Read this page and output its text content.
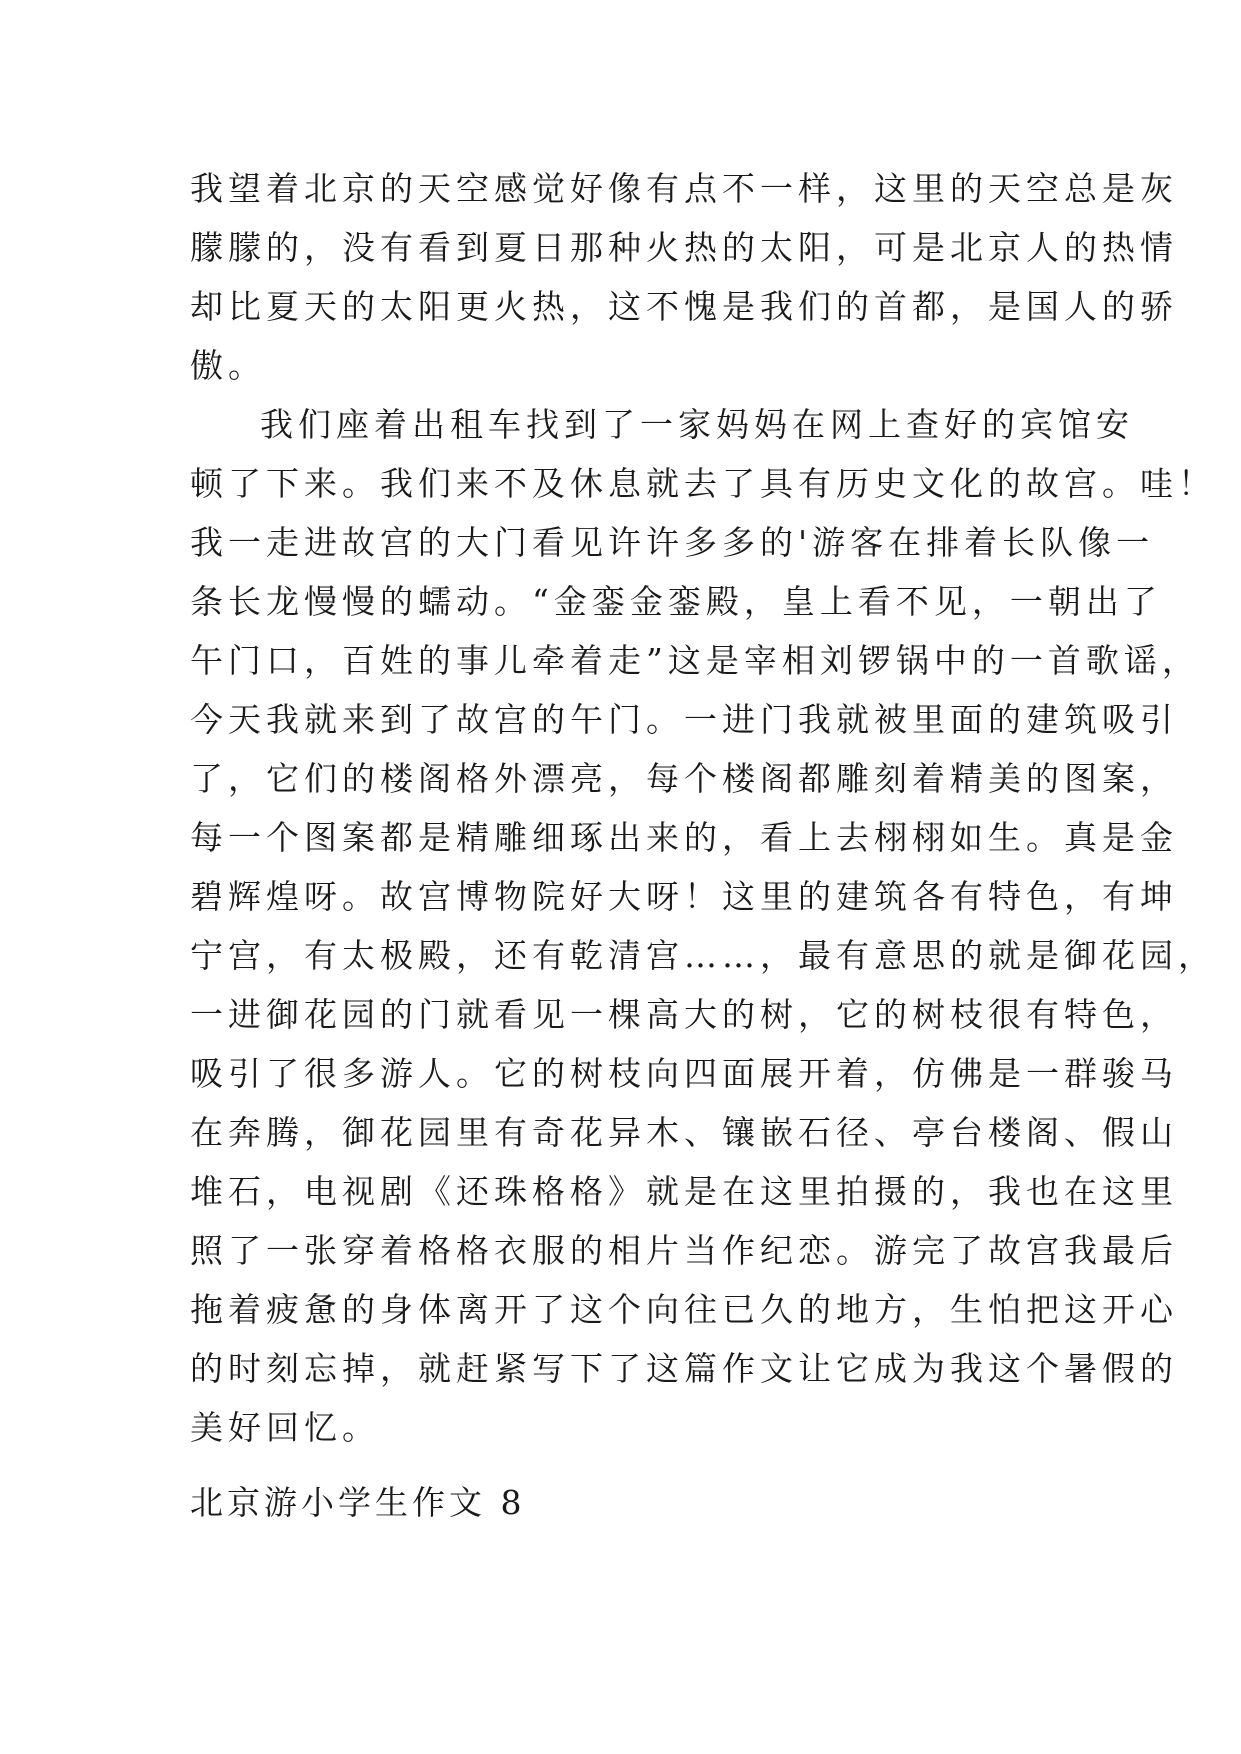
我望着北京的天空感觉好像有点不一样，这里的天空总是灰
朦朦的，没有看到夏日那种火热的太阳，可是北京人的热情
却比夏天的太阳更火热，这不愧是我们的首都，是国人的骄
傲。
我们座着出租车找到了一家妈妈在网上查好的宾馆安
顿了下来。我们来不及休息就去了具有历史文化的故宫。哇！
我一走进故宫的大门看见许许多多的'游客在排着长队像一
条长龙慢慢的蠕动。“金銮金銮殿，皇上看不见，一朝出了
午门口，百姓的事儿牵着走”这是宰相刘锣锅中的一首歌谣，
今天我就来到了故宫的午门。一进门我就被里面的建筑吸引
了，它们的楼阁格外漂亮，每个楼阁都雕刻着精美的图案，
每一个图案都是精雕细琢出来的，看上去栩栩如生。真是金
碧辉煌呀。故宫博物院好大呀！这里的建筑各有特色，有坤
宁宫，有太极殿，还有乾清宫……，最有意思的就是御花园，
一进御花园的门就看见一棵高大的树，它的树枝很有特色，
吸引了很多游人。它的树枝向四面展开着，仿佛是一群骏马
在奔腾，御花园里有奇花异木、镶嵌石径、亭台楼阁、假山
堆石，电视剧《还珠格格》就是在这里拍摄的，我也在这里
照了一张穿着格格衣服的相片当作纪恋。游完了故宫我最后
拖着疲惫的身体离开了这个向往已久的地方，生怕把这开心
的时刻忘掉，就赶紧写下了这篇作文让它成为我这个暑假的
美好回忆。
北京游小学生作文 8
